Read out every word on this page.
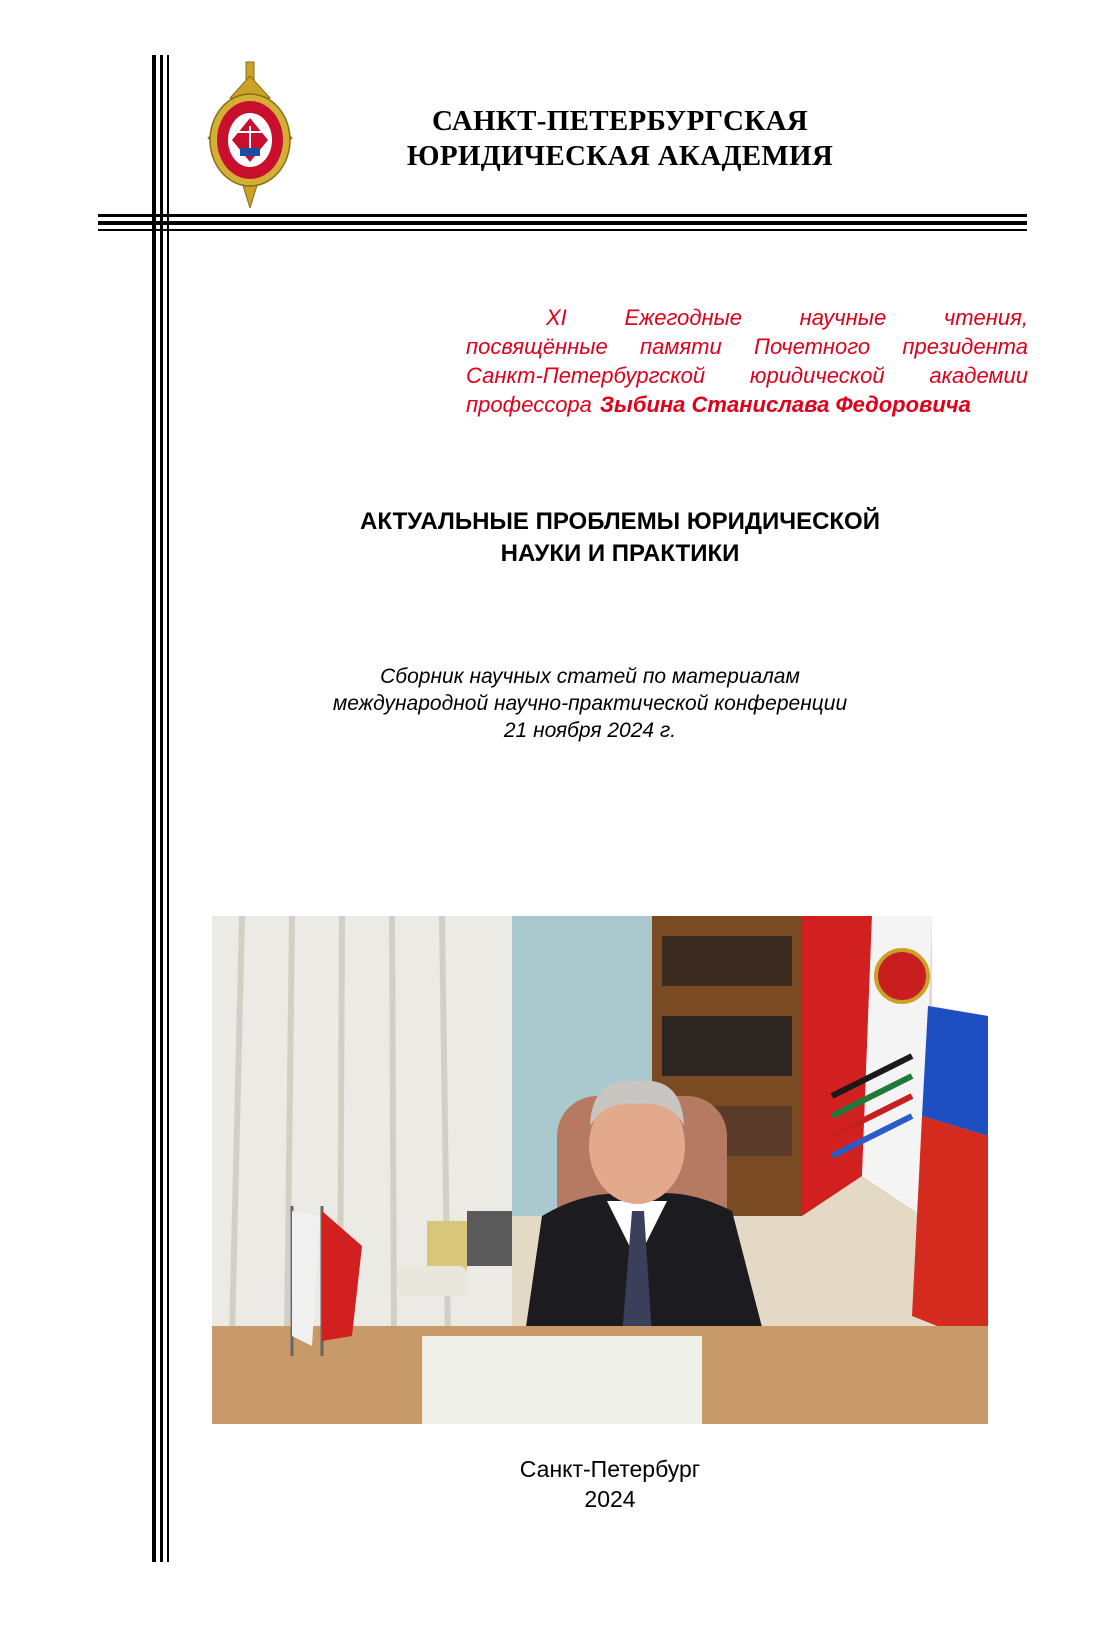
САНКТ-ПЕТЕРБУРГСКАЯ
ЮРИДИЧЕСКАЯ АКАДЕМИЯ
XI	Ежегодные	научные	чтения,
посвящённые памяти Почетного президента
Санкт-Петербургской юридической академии
профессора Зыбина Станислава Федоровича
АКТУАЛЬНЫЕ ПРОБЛЕМЫ ЮРИДИЧЕСКОЙ
НАУКИ И ПРАКТИКИ
Сборник научных статей по материалам
международной научно-практической конференции
21 ноября 2024 г.
Санкт-Петербург
2024
